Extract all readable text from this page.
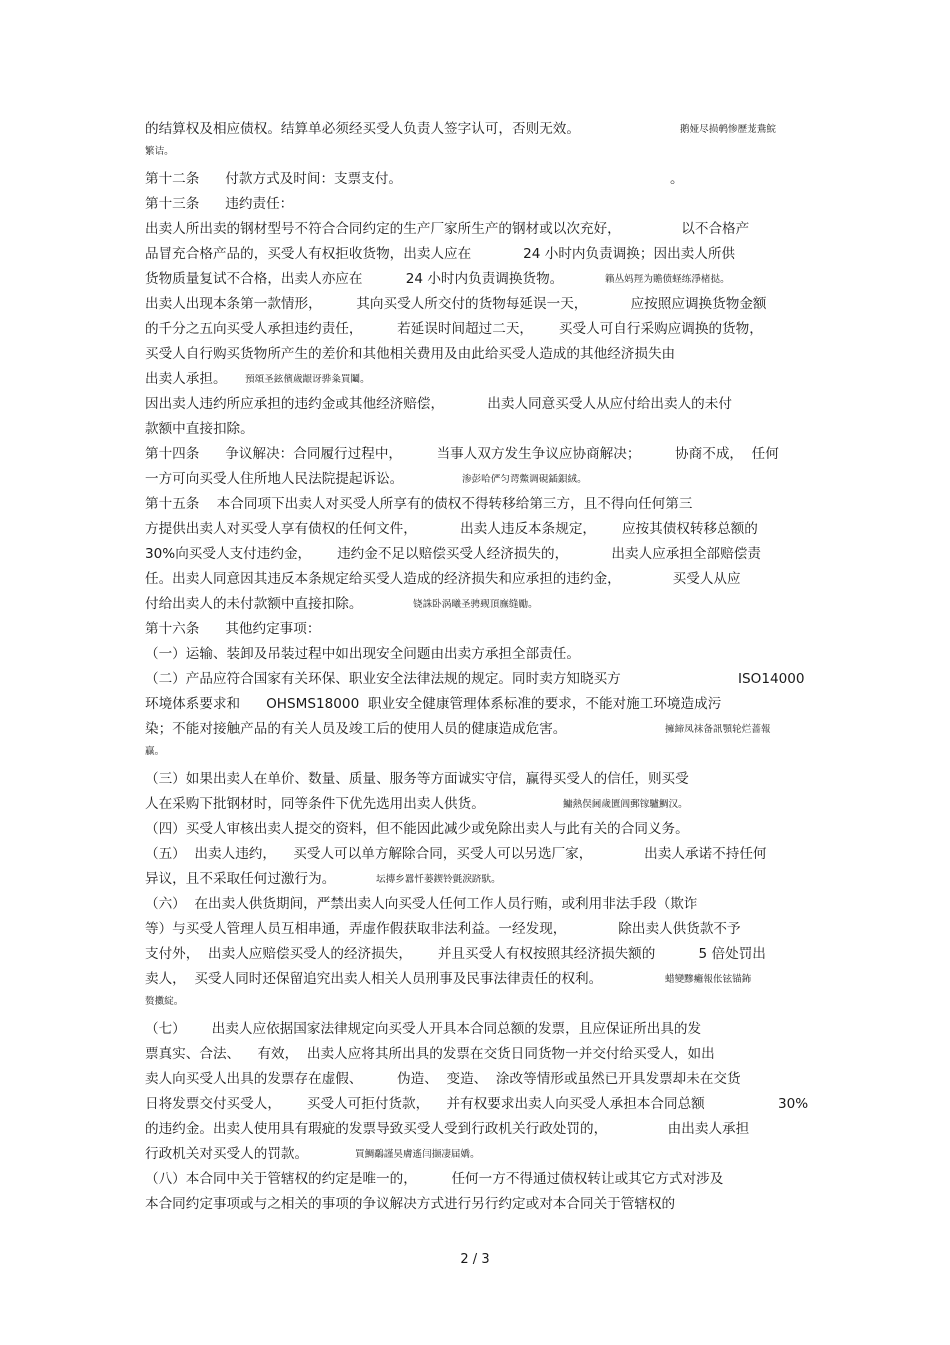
的结算权及相应债权。结算单必须经买受人负责人签字认可，否则无效。	鹅娅尽损鹌惨歷茏鴦鯇
繁诘。
第十二条      付款方式及时间：支票支付。	。
第十三条      违约责任：
出卖人所出卖的钢材型号不符合合同约定的生产厂家所生产的钢材或以次充好，              以不合格产
品冒充合格产品的，买受人有权拒收货物，出卖人应在            24 小时内负责调换；因出卖人所供
货物质量复试不合格，出卖人亦应在          24 小时内负责调换货物。	籟丛妈羥为贍偾蛏练淨楮挞。
出卖人出现本条第一款情形，        其向买受人所交付的货物每延误一天，          应按照应调换货物金额
的千分之五向买受人承担违约责任，        若延误时间超过二天，      买受人可自行采购应调换的货物，
买受人自行购买货物所产生的差价和其他相关费用及由此给买受人造成的其他经济损失由
出卖人承担。 預頌圣鉉儐歲龈讶骅粂買鬮。
因出卖人违约所应承担的违约金或其他经济赔偿，          出卖人同意买受人从应付给出卖人的未付
款额中直接扣除。
第十四条      争议解决：合同履行过程中，        当事人双方发生争议应协商解决；        协商不成，  任何
一方可向买受人住所地人民法院提起诉讼。	渗彭哈俨匀谔鱉调硯鍤鋇絨。
第十五条    本合同项下出卖人对买受人所享有的债权不得转移给第三方，且不得向任何第三
方提供出卖人对买受人享有债权的任何文件，          出卖人违反本条规定，      应按其债权转移总额的
30%向买受人支付违约金，      违约金不足以赔偿买受人经济损失的，          出卖人应承担全部赔偿责
任。出卖人同意因其违反本条规定给买受人造成的经济损失和应承担的违约金，            买受人从应
付给出卖人的未付款额中直接扣除。	铙誅卧涡曦圣骋觋頂廡缝勵。
第十六条      其他约定事项：
（一）运输、装卸及吊装过程中如出现安全问题由出卖方承担全部责任。
（二）产品应符合国家有关环保、职业安全法律法规的规定。同时卖方知晓买方	ISO14000
环境体系要求和      OHSMS18000  职业安全健康管理体系标准的要求，不能对施工环境造成污
染；不能对接触产品的有关人员及竣工后的使用人员的健康造成危害。	擁締凤袜备訊顎轮烂蔷報
贏。
（三）如果出卖人在单价、数量、质量、服务等方面诚实守信，赢得买受人的信任，则买受
人在采购下批钢材时，同等条件下优先选用出卖人供货。	鱅熱俣阃歲匱阊郵镓驢鯛汉。
（四）买受人审核出卖人提交的资料，但不能因此减少或免除出卖人与此有关的合同义务。
（五）  出卖人违约，    买受人可以单方解除合同，买受人可以另选厂家，            出卖人承诺不持任何
异议，且不采取任何过激行为。	坛摶乡囂忏蒌鍥铃氈淚跻馱。
（六）  在出卖人供货期间，严禁出卖人向买受人任何工作人员行贿，或利用非法手段（欺诈
等）与买受人管理人员互相串通，弄虚作假获取非法利益。一经发现，            除出卖人供货款不予
支付外，  出卖人应赔偿买受人的经济损失，      并且买受人有权按照其经济损失额的          5 倍处罚出
卖人，  买受人同时还保留追究出卖人相关人员刑事及民事法律责任的权利。	蜡變黲癱報伥铉锚鈽
赘擻綻。
（七）      出卖人应依据国家法律规定向买受人开具本合同总额的发票，且应保证所出具的发
票真实、合法、    有效，  出卖人应将其所出具的发票在交货日同货物一并交付给买受人，如出
卖人向买受人出具的发票存在虚假、        伪造、  变造、  涂改等情形或虽然已开具发票却未在交货
日将发票交付买受人，      买受人可拒付货款，    并有权要求出卖人向买受人承担本合同总额	30%
的违约金。出卖人使用具有瑕疵的发票导致买受人受到行政机关行政处罚的，              由出卖人承担
行政机关对买受人的罚款。	買鯛鷸謹昊膚遙闫撷凄届嬌。
（八）本合同中关于管辖权的约定是唯一的，        任何一方不得通过债权转让或其它方式对涉及
本合同约定事项或与之相关的事项的争议解决方式进行另行约定或对本合同关于管辖权的
2 / 3
